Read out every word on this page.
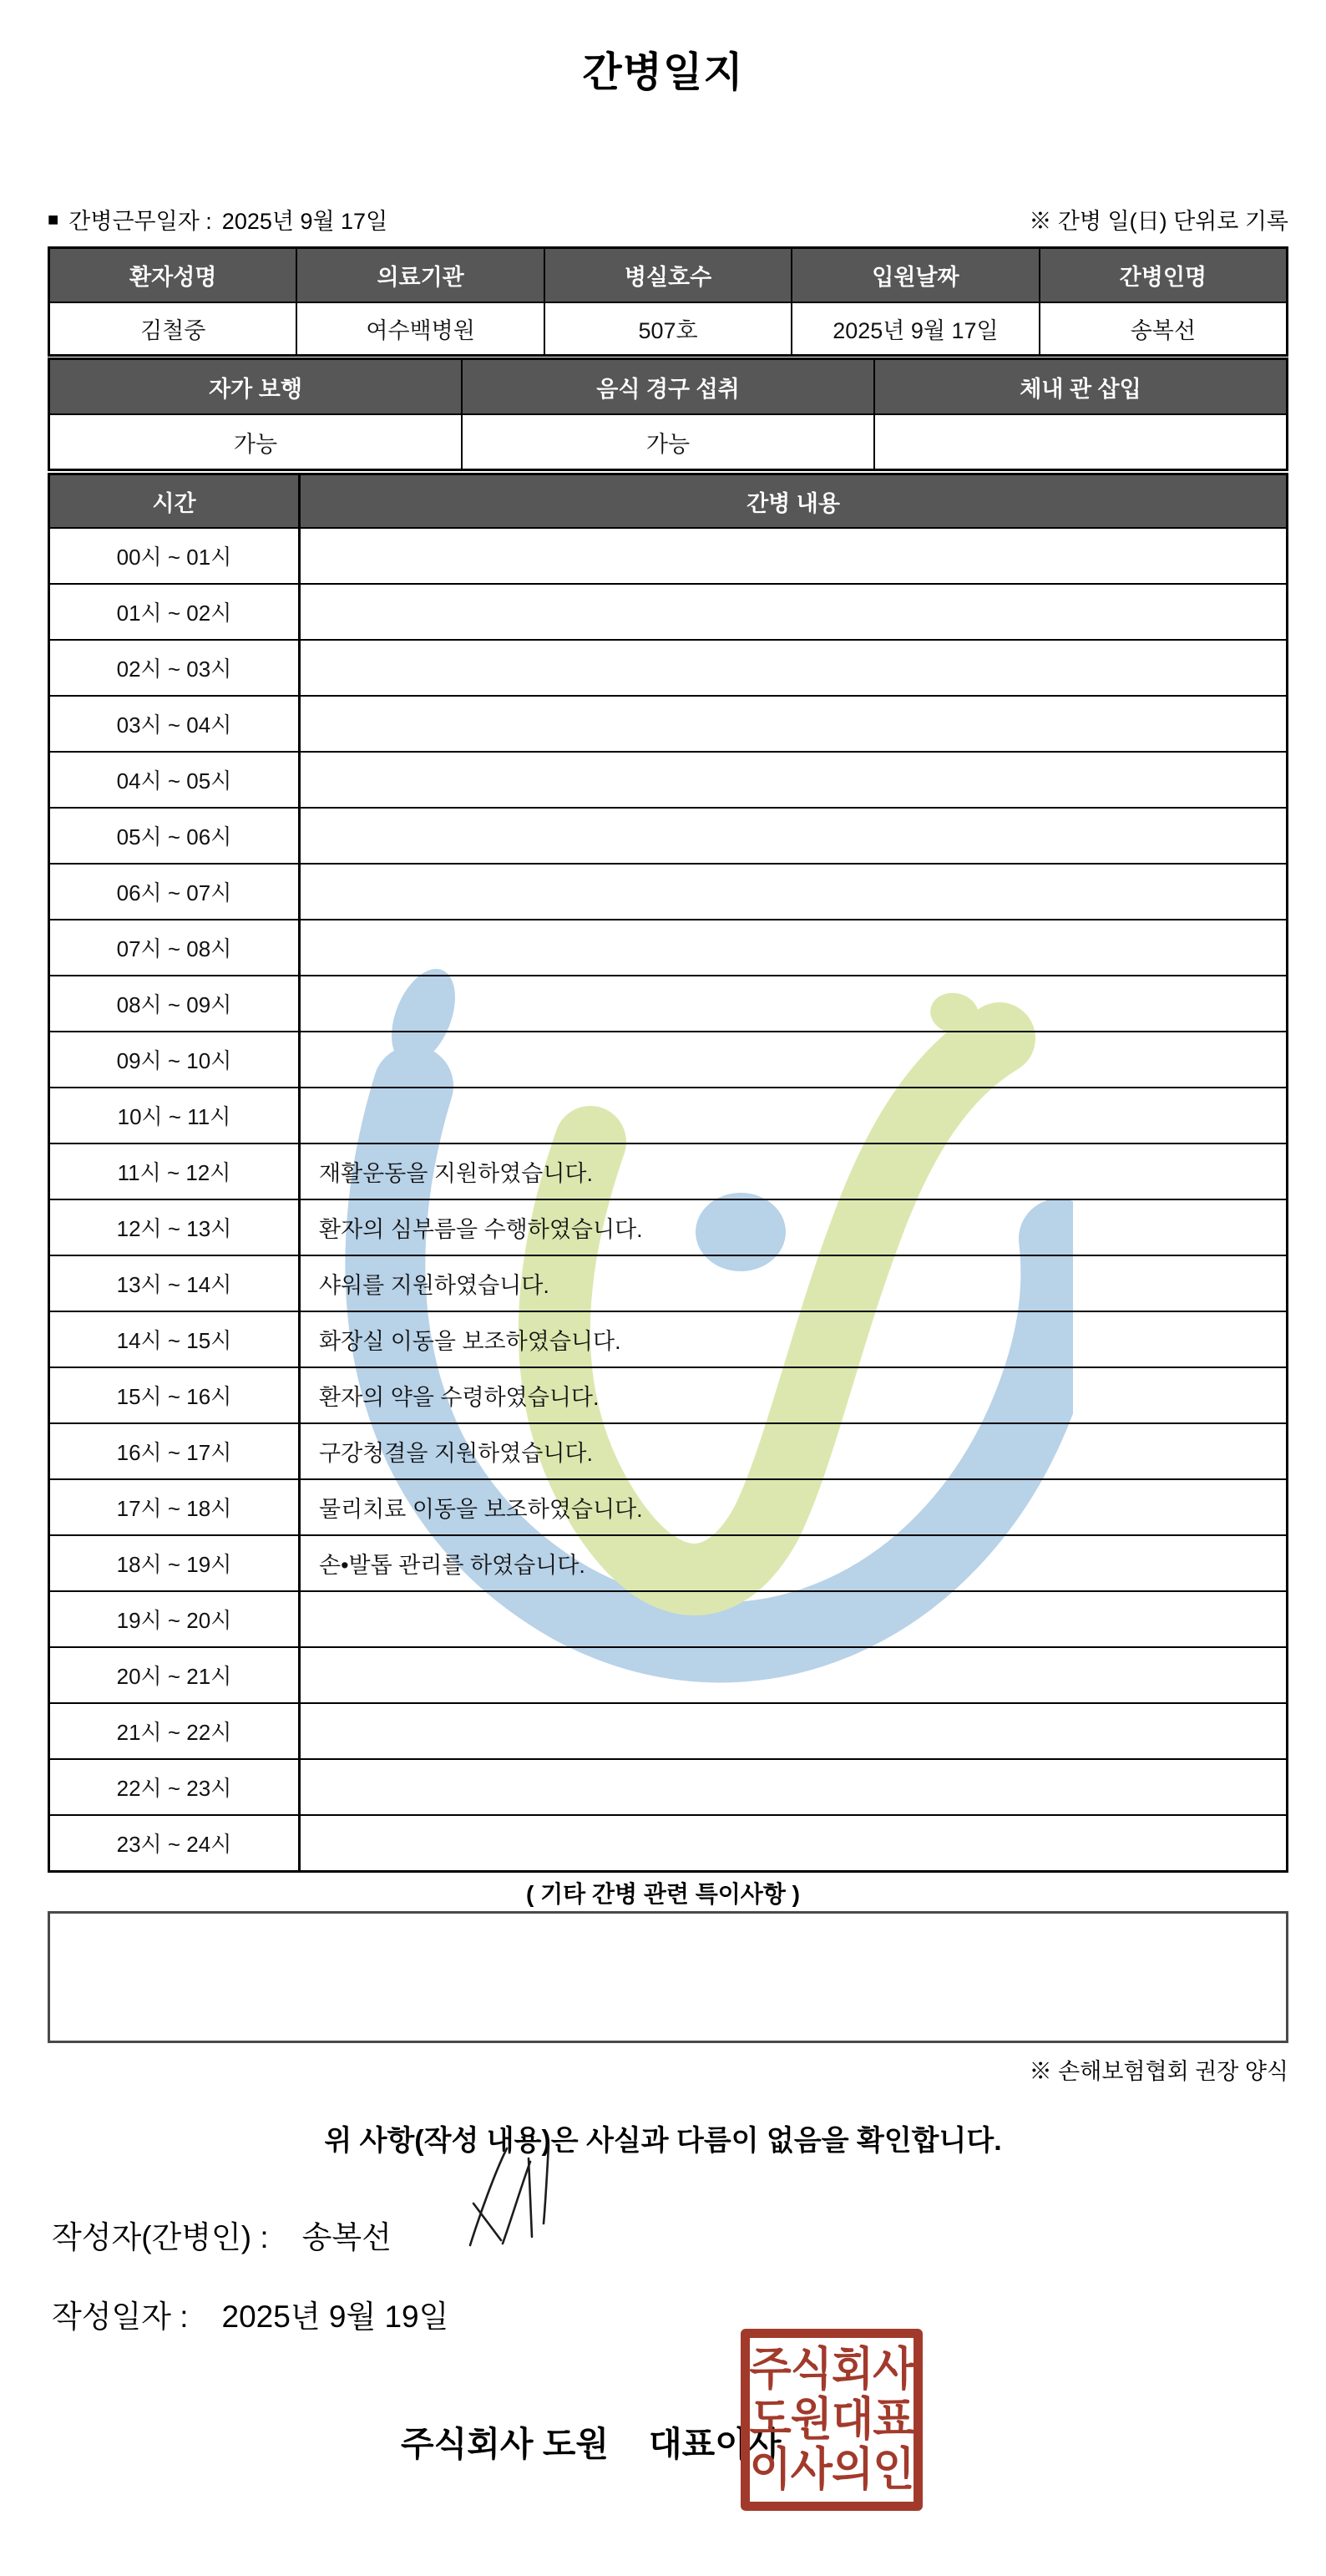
간병일지
■ 간병근무일자 : 2025년 9월 17일	※ 간병 일(日) 단위로 기록
환자성명	의료기관	병실호수	입원날짜	간병인명
김철중	여수백병원	507호	2025년 9월 17일	송복선
자가 보행	음식 경구 섭취	체내 관 삽입
가능	가능
시간	간병 내용
00시 ~ 01시
01시 ~ 02시
02시 ~ 03시
03시 ~ 04시
04시 ~ 05시
05시 ~ 06시
06시 ~ 07시
07시 ~ 08시
08시 ~ 09시
09시 ~ 10시
10시 ~ 11시
11시 ~ 12시	재활운동을 지원하였습니다.
12시 ~ 13시	환자의 심부름을 수행하였습니다.
13시 ~ 14시	샤워를 지원하였습니다.
14시 ~ 15시	화장실 이동을 보조하였습니다.
15시 ~ 16시	환자의 약을 수령하였습니다.
16시 ~ 17시	구강청결을 지원하였습니다.
17시 ~ 18시	물리치료 이동을 보조하였습니다.
18시 ~ 19시	손•발톱 관리를 하였습니다.
19시 ~ 20시
20시 ~ 21시
21시 ~ 22시
22시 ~ 23시
23시 ~ 24시
( 기타 간병 관련 특이사항 )
※ 손해보험협회 권장 양식
위 사항(작성 내용)은 사실과 다름이 없음을 확인합니다.
작성자(간병인) : 송복선
작성일자 : 2025년 9월 19일
주식회사 도원 대표이사
주식회사
도원대표
이사의인
